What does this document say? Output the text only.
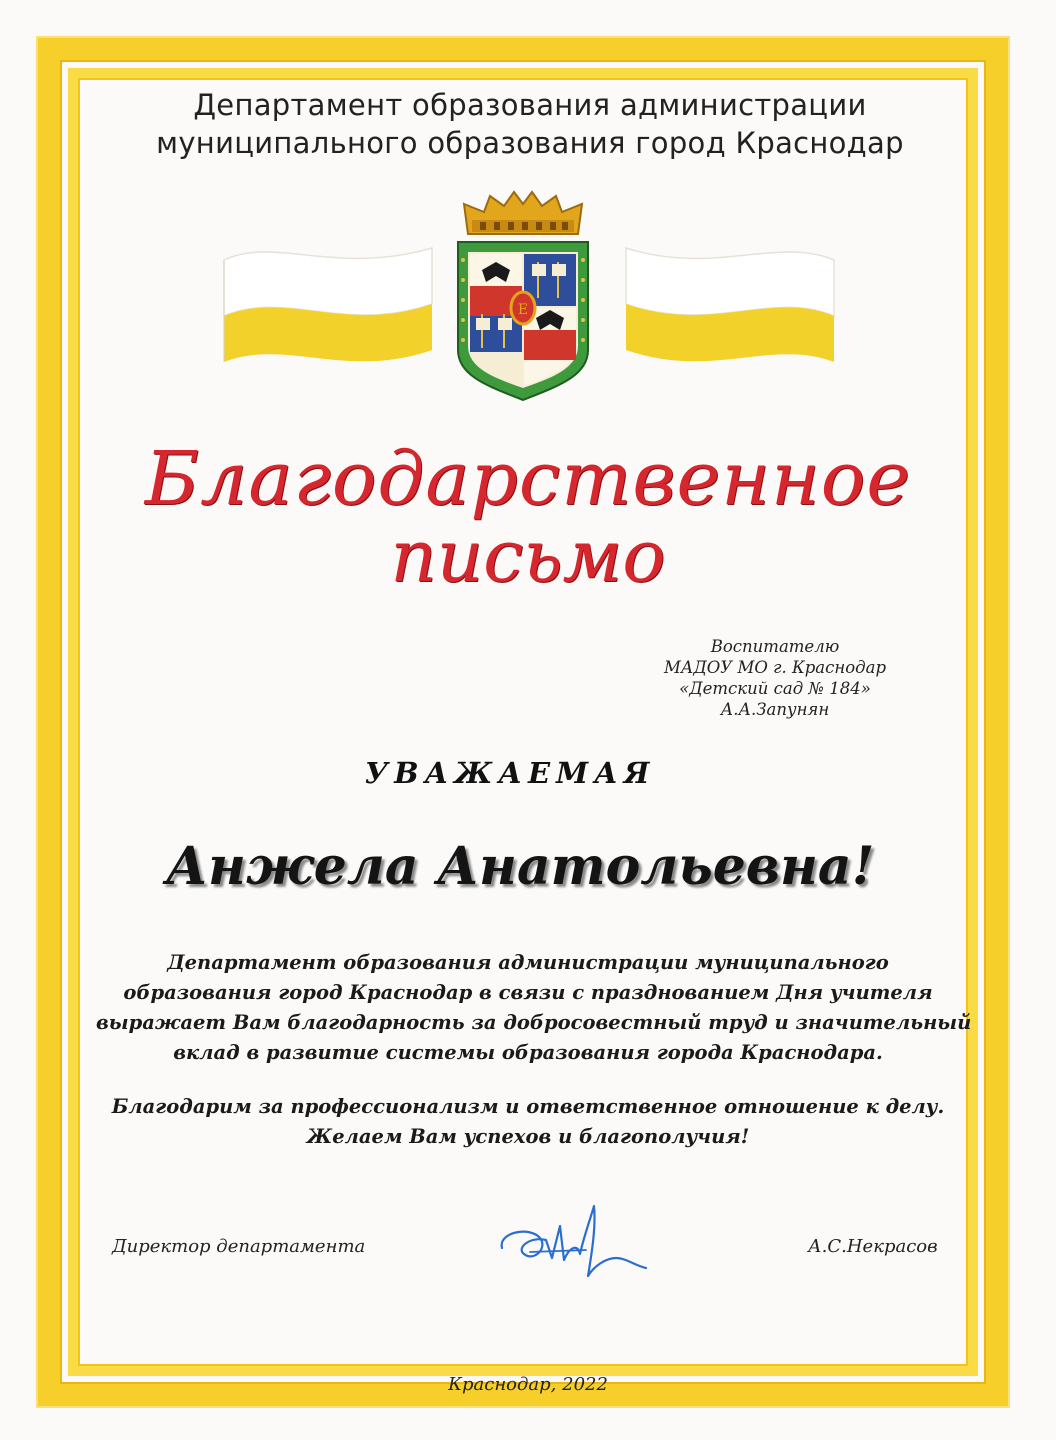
Департамент образования администрации
муниципального образования город Краснодар
E
Благодарственное
письмо
Воспитателю
МАДОУ МО г. Краснодар
«Детский сад № 184»
А.А.Запунян
УВАЖАЕМАЯ
Анжела Анатольевна!
Департамент образования администрации муниципального
образования город Краснодар в связи с празднованием Дня учителя
выражает Вам благодарность за добросовестный труд и значительный
вклад в развитие системы образования города Краснодара.
Благодарим за профессионализм и ответственное отношение к делу.
Желаем Вам успехов и благополучия!
Директор департамента	А.С.Некрасов
Краснодар, 2022
